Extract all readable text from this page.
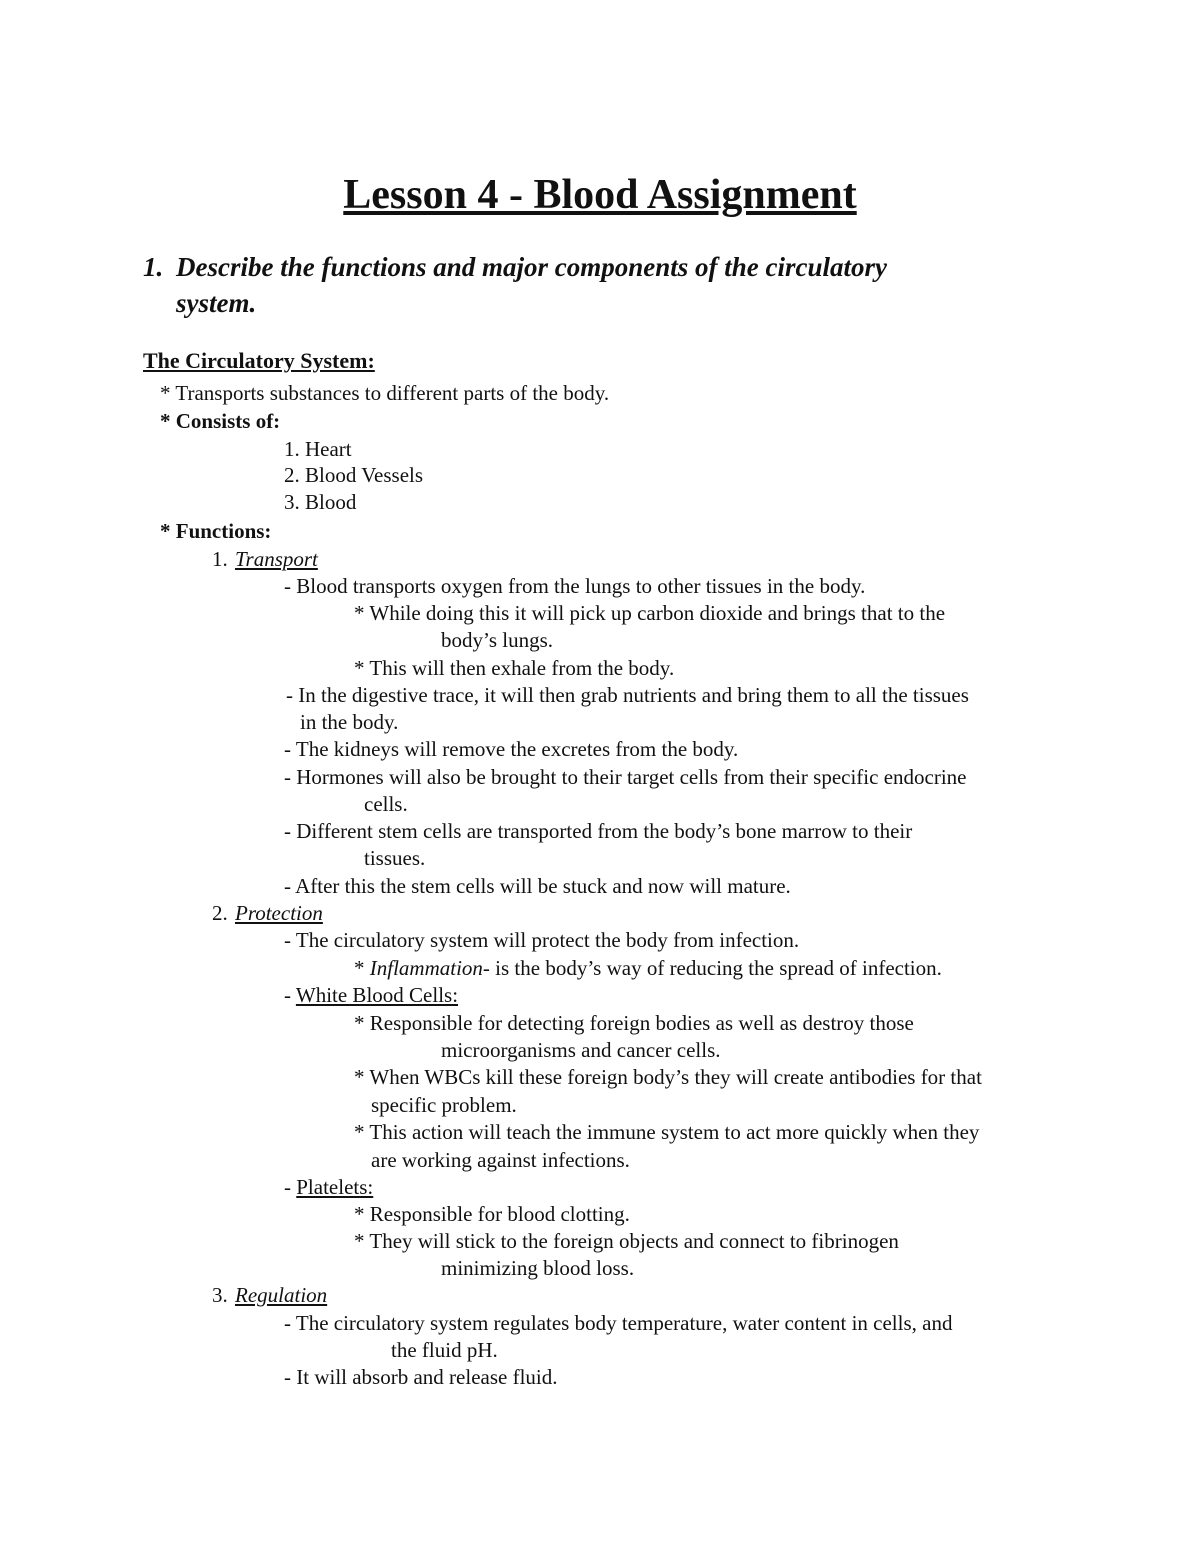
Lesson 4 - Blood Assignment
1. Describe the functions and major components of the circulatory
system.
The Circulatory System:
* Transports substances to different parts of the body.
* Consists of:
1. Heart
2. Blood Vessels
3. Blood
* Functions:
1. Transport
- Blood transports oxygen from the lungs to other tissues in the body.
* While doing this it will pick up carbon dioxide and brings that to the
body’s lungs.
* This will then exhale from the body.
- In the digestive trace, it will then grab nutrients and bring them to all the tissues
in the body.
- The kidneys will remove the excretes from the body.
- Hormones will also be brought to their target cells from their specific endocrine
cells.
- Different stem cells are transported from the body’s bone marrow to their
tissues.
- After this the stem cells will be stuck and now will mature.
2. Protection
- The circulatory system will protect the body from infection.
* Inflammation- is the body’s way of reducing the spread of infection.
- White Blood Cells:
* Responsible for detecting foreign bodies as well as destroy those
microorganisms and cancer cells.
* When WBCs kill these foreign body’s they will create antibodies for that
specific problem.
* This action will teach the immune system to act more quickly when they
are working against infections.
- Platelets:
* Responsible for blood clotting.
* They will stick to the foreign objects and connect to fibrinogen
minimizing blood loss.
3. Regulation
- The circulatory system regulates body temperature, water content in cells, and
the fluid pH.
- It will absorb and release fluid.
